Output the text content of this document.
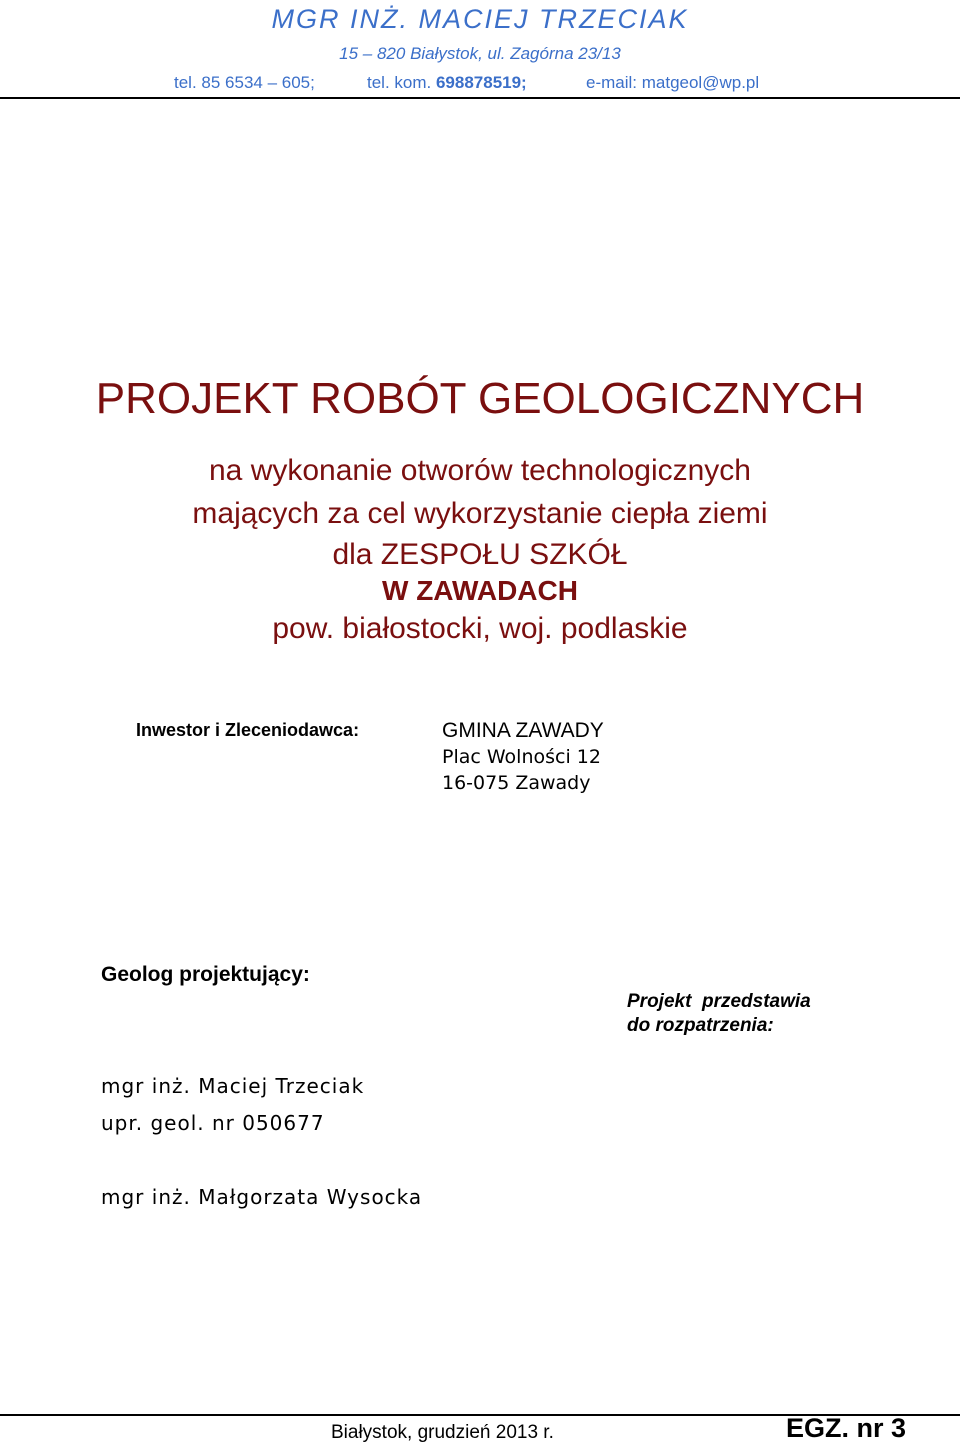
MGR INŻ. MACIEJ TRZECIAK
15 – 820 Białystok, ul. Zagórna 23/13
tel. 85 6534 – 605;	tel. kom. 698878519;	e-mail: matgeol@wp.pl
PROJEKT ROBÓT GEOLOGICZNYCH
na wykonanie otworów technologicznych
mających za cel wykorzystanie ciepła ziemi
dla ZESPOŁU SZKÓŁ
W ZAWADACH
pow. białostocki, woj. podlaskie
Inwestor i Zleceniodawca:	GMINA ZAWADY
Plac Wolności 12
16-075 Zawady
Geolog projektujący:
Projekt  przedstawia
do rozpatrzenia:
mgr inż. Maciej Trzeciak
upr. geol. nr 050677
mgr inż. Małgorzata Wysocka
Białystok, grudzień 2013 r.	EGZ. nr 3
